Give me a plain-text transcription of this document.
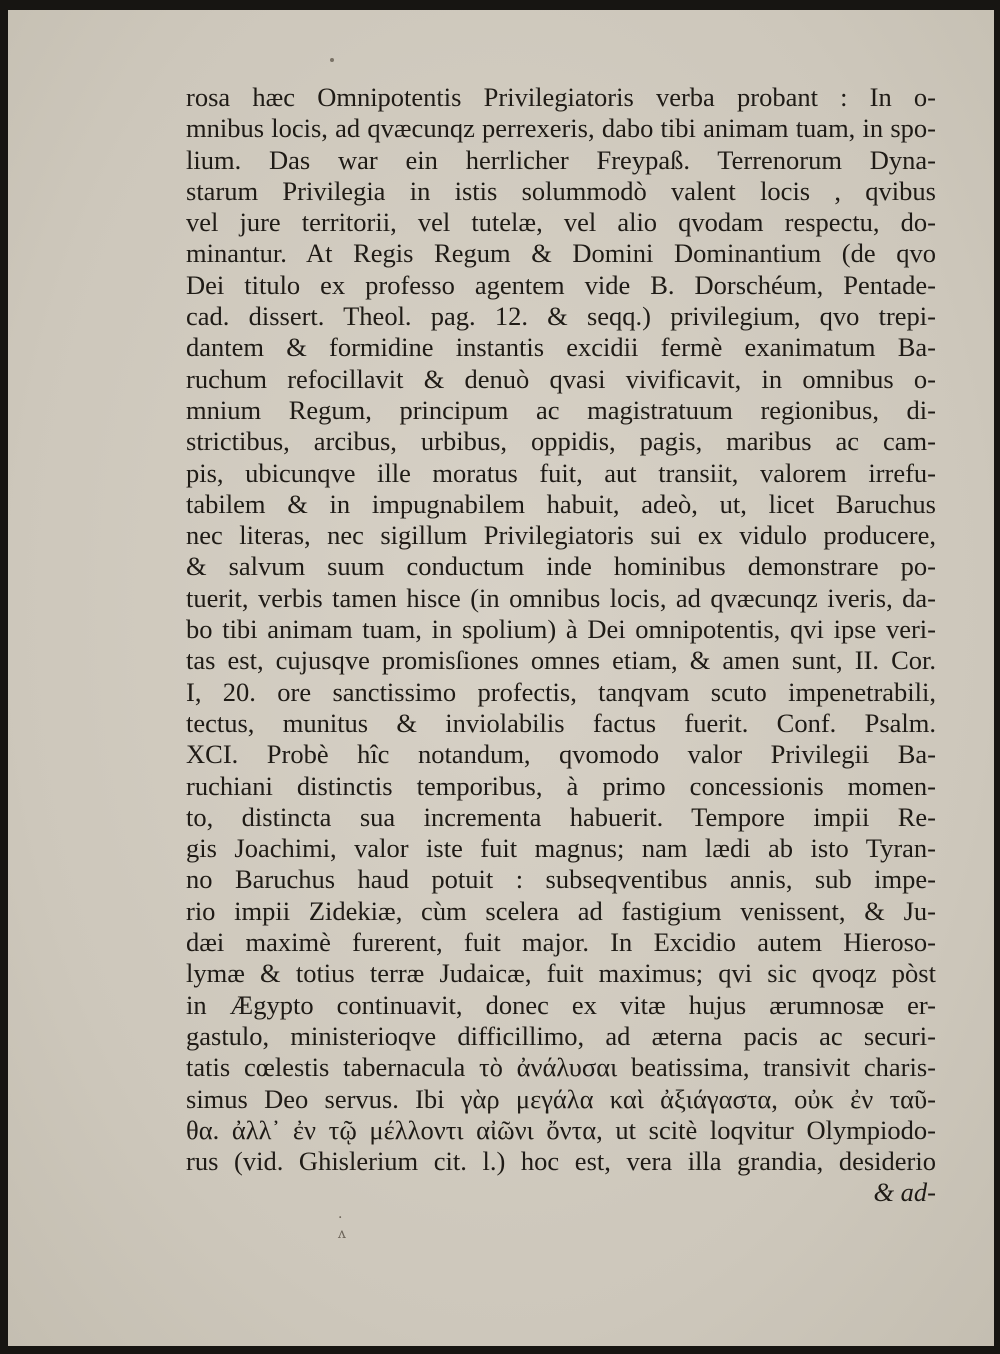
rosa hæc Omnipotentis Privilegiatoris verba probant : In o-
mnibus locis, ad qvæcunqz perrexeris, dabo tibi animam tuam, in spo-
lium. Das war ein herrlicher Freypaß. Terrenorum Dyna-
starum Privilegia in istis solummodò valent locis , qvibus
vel jure territorii, vel tutelæ, vel alio qvodam respectu, do-
minantur. At Regis Regum & Domini Dominantium (de qvo
Dei titulo ex professo agentem vide B. Dorschéum, Pentade-
cad. dissert. Theol. pag. 12. & seqq.) privilegium, qvo trepi-
dantem & formidine instantis excidii fermè exanimatum Ba-
ruchum refocillavit & denuò qvasi vivificavit, in omnibus o-
mnium Regum, principum ac magistratuum regionibus, di-
strictibus, arcibus, urbibus, oppidis, pagis, maribus ac cam-
pis, ubicunqve ille moratus fuit, aut transiit, valorem irrefu-
tabilem & in impugnabilem habuit, adeò, ut, licet Baruchus
nec literas, nec sigillum Privilegiatoris sui ex vidulo producere,
& salvum suum conductum inde hominibus demonstrare po-
tuerit, verbis tamen hisce (in omnibus locis, ad qvæcunqz iveris, da-
bo tibi animam tuam, in spolium) à Dei omnipotentis, qvi ipse veri-
tas est, cujusqve promisſiones omnes etiam, & amen sunt, II. Cor.
I, 20. ore sanctissimo profectis, tanqvam scuto impenetrabili,
tectus, munitus & inviolabilis factus fuerit. Conf. Psalm.
XCI. Probè hîc notandum, qvomodo valor Privilegii Ba-
ruchiani distinctis temporibus, à primo concessionis momen-
to, distincta sua incrementa habuerit. Tempore impii Re-
gis Joachimi, valor iste fuit magnus; nam lædi ab isto Tyran-
no Baruchus haud potuit : subseqventibus annis, sub impe-
rio impii Zidekiæ, cùm scelera ad fastigium venissent, & Ju-
dæi maximè furerent, fuit major. In Excidio autem Hieroso-
lymæ & totius terræ Judaicæ, fuit maximus; qvi sic qvoqz pòst
in Ægypto continuavit, donec ex vitæ hujus ærumnosæ er-
gastulo, ministerioqve difficillimo, ad æterna pacis ac securi-
tatis cœlestis tabernacula τὸ ἀνάλυσαι beatissima, transivit charis-
simus Deo servus. Ibi γὰρ μεγάλα καὶ ἀξιάγαστα, οὐκ ἐν ταῦ-
θα. ἀλλ᾽ ἐν τῷ μέλλοντι αἰῶνι ὄντα, ut scitè loqvitur Olympiodo-
rus (vid. Ghislerium cit. l.) hoc est, vera illa grandia, desiderio
& ad-
·
ʌ
